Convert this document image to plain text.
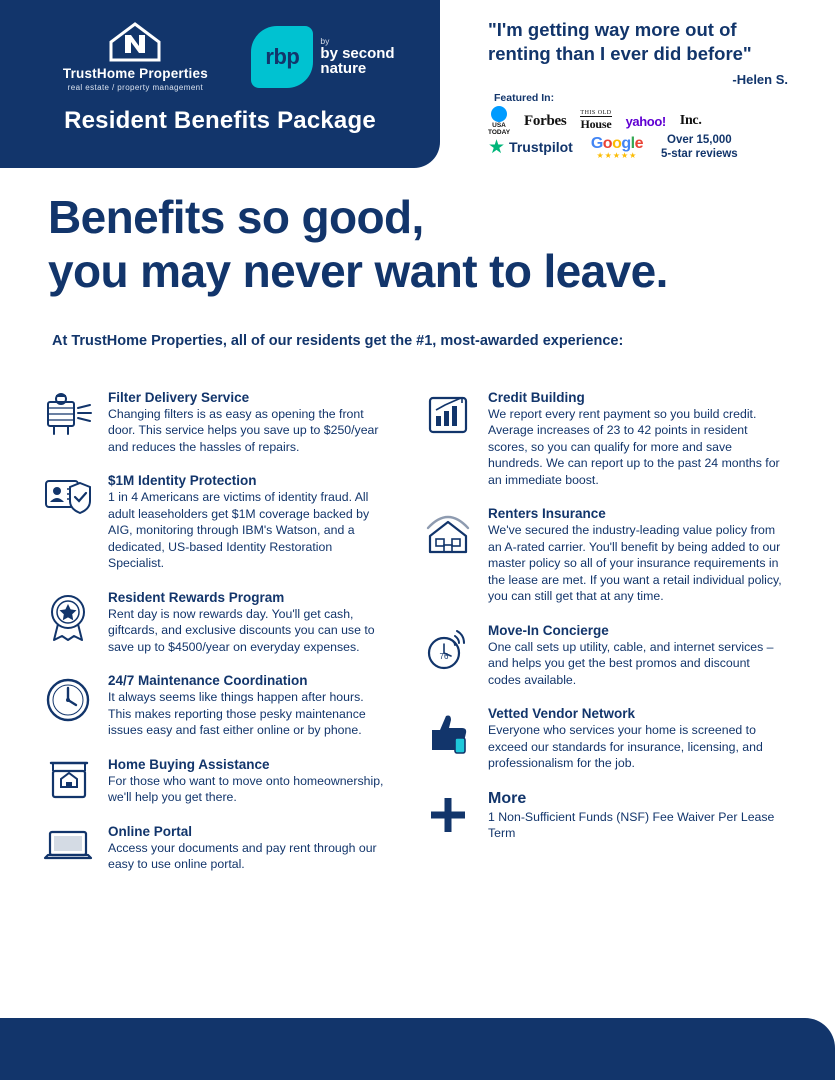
TrustHome Properties
real estate / property management
rbp
by
by second
nature
Resident Benefits Package
"I'm getting way more out of renting than I ever did before"
-Helen S.
Featured In:
USA
TODAY
Forbes THIS OLD
House yahoo! Inc.
★ Trustpilot Google
★★★★★
Over 15,000
5-star reviews
Benefits so good,
you may never want to leave.
At TrustHome Properties, all of our residents get the #1, most-awarded experience:
Filter Delivery Service
Changing filters is as easy as opening the front door. This service helps you save up to $250/year and reduces the hassles of repairs.
$1M Identity Protection
1 in 4 Americans are victims of identity fraud. All adult leaseholders get $1M coverage backed by AIG, monitoring through IBM's Watson, and a dedicated, US-based Identity Restoration Specialist.
Resident Rewards Program
Rent day is now rewards day. You'll get cash, giftcards, and exclusive discounts you can use to save up to $4500/year on everyday expenses.
24/7 Maintenance Coordination
It always seems like things happen after hours. This makes reporting those pesky maintenance issues easy and fast either online or by phone.
Home Buying Assistance
For those who want to move onto homeownership, we'll help you get there.
Online Portal
Access your documents and pay rent through our easy to use online portal.
Credit Building
We report every rent payment so you build credit. Average increases of 23 to 42 points in resident scores, so you can qualify for more and save hundreds. We can report up to the past 24 months for an immediate boost.
Renters Insurance
We've secured the industry-leading value policy from an A-rated carrier. You'll benefit by being added to our master policy so all of your insurance requirements in the lease are met. If you want a retail individual policy, you can still get that at any time.
76
Move-In Concierge
One call sets up utility, cable, and internet services – and helps you get the best promos and discount codes available.
Vetted Vendor Network
Everyone who services your home is screened to exceed our standards for insurance, licensing, and professionalism for the job.
More
1 Non-Sufficient Funds (NSF) Fee Waiver Per Lease Term
